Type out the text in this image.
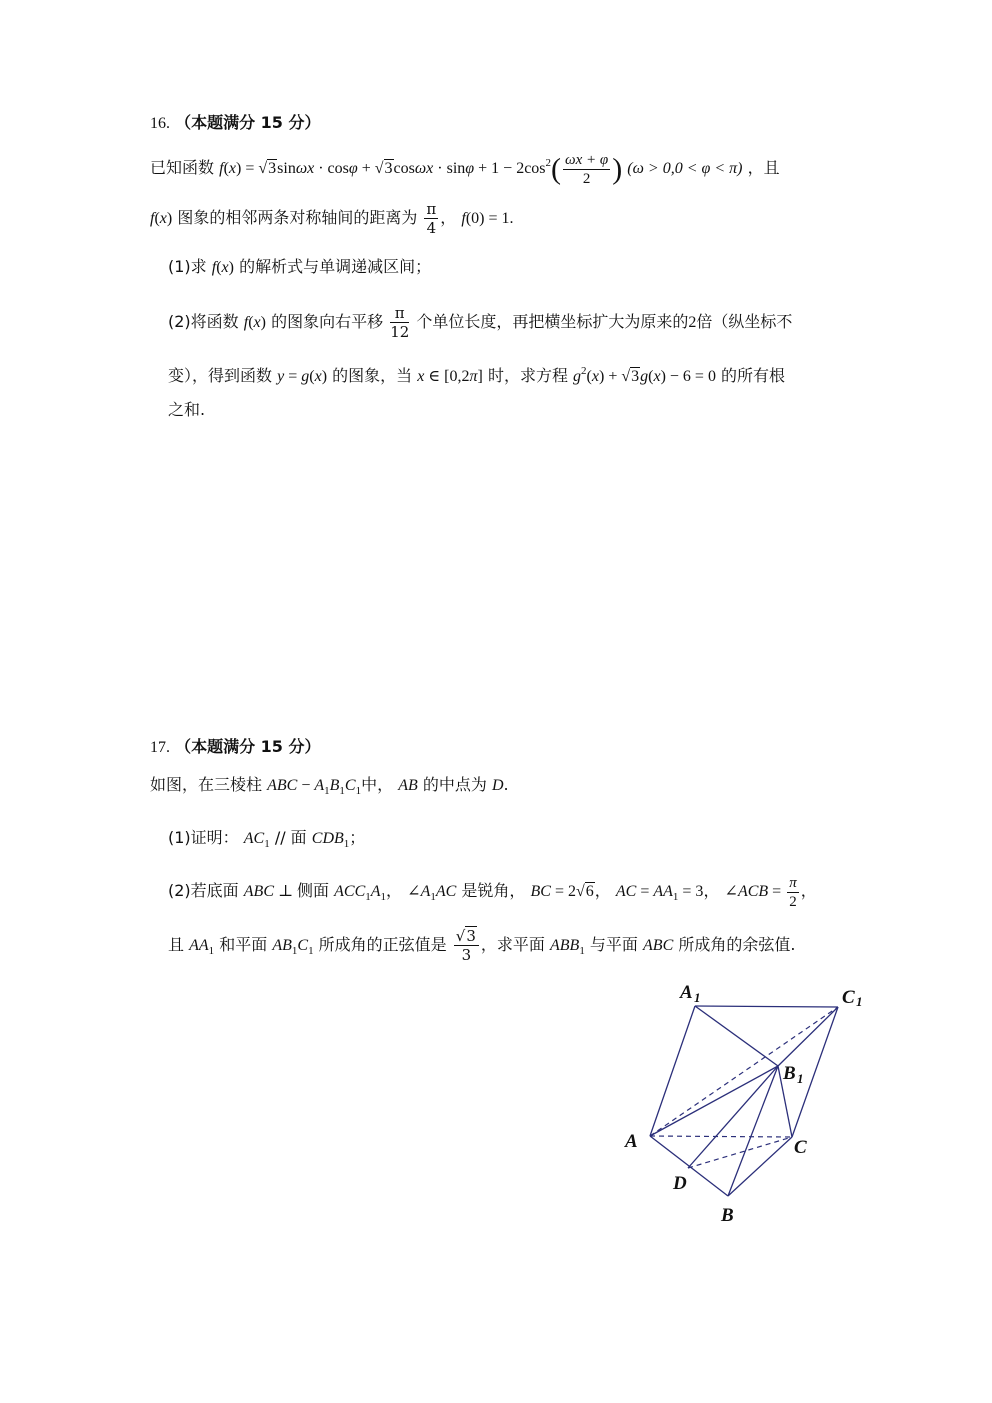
16. （本题满分 15 分）
已知函数 $f(x) = √3\sin\omega x \cdot \cos\varphi + √3\cos\omega x \cdot \sin\varphi + 1 - 2\cos^2( \frac{\omega x + \varphi}{2}$ ) (ω > 0,0 < φ < π) ，且
f(x) 图象的相邻两条对称轴间的距离为 $\frac{\pi}{4}$ ， f(0) = 1.
(1)求 f(x) 的解析式与单调递减区间；
(2)将函数 f(x) 的图象向右平移 $\frac{\pi}{12}$ 个单位长度，再把横坐标扩大为原来的2倍（纵坐标不
变），得到函数 y = g(x) 的图象，当 x ∈ [0,2π] 时，求方程 $g^2(x) + √3g(x) - 6 = 0$ 的所有根
之和.
17. （本题满分 15 分）
如图，在三棱柱 ABC − $A_1B_1C_1$中， AB 的中点为 D.
(1)证明： $AC_1$ // 面 $CDB_1$；
(2)若底面 ABC ⊥ 侧面 $ACC_1A_1$， $\angle A_1AC$ 是锐角， BC = 2√6， AC = $AA_1 = 3$， ∠ACB = $\frac{\pi}{2}$ ，
且 $AA_1$ 和平面 $AB_1C_1$ 所成角的正弦值是 $\frac{√3}{3}$ ，求平面 $ABB_1$ 与平面 ABC 所成角的余弦值.
A 1	C 1
B 1
A	C
D
B
